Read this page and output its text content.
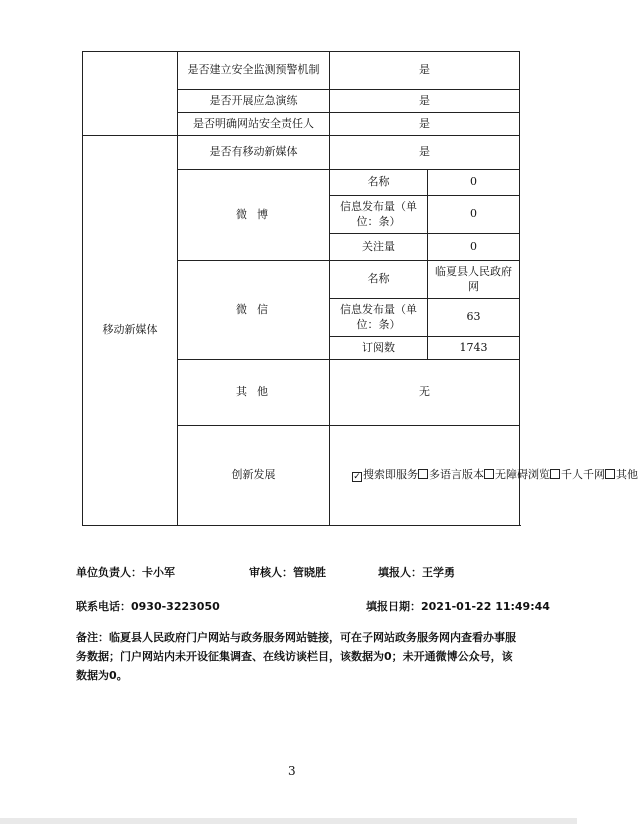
	是否建立安全监测预警机制	是	
	是否开展应急演练	是	
	是否明确网站安全责任人	是	
移动新媒体	是否有移动新媒体	是	
	微博	名称	0
		信息发布量（单位：条）	0
		关注量	0
	微信	名称	临夏县人民政府网
		信息发布量（单位：条）	63
		订阅数	1743
	其他	无	
	创新发展	✓ 搜索即服务 多语言版本 无障碍浏览 千人千网 其他	
单位负责人：卡小军	审核人：管晓胜	填报人：王学勇
联系电话：0930-3223050	填报日期：2021-01-22 11:49:44
备注：临夏县人民政府门户网站与政务服务网站链接，可在子网站政务服务网内查看办事服务数据；门户网站内未开设征集调查、在线访谈栏目，该数据为0；未开通微博公众号，该数据为0。
3
